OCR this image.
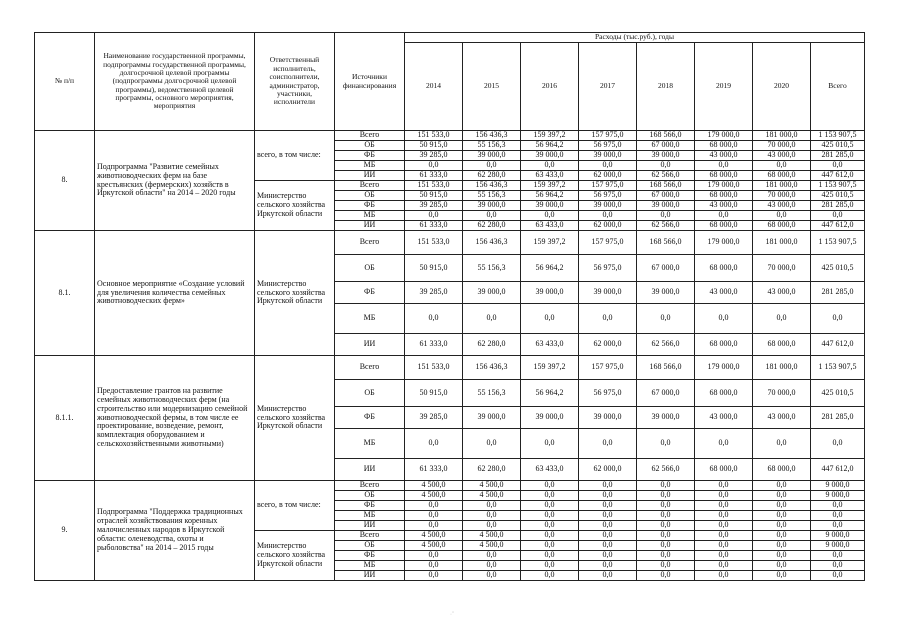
№ п/п	Наименование государственной программы, подпрограммы государственной программы, долгосрочной целевой программы (подпрограммы долгосрочной целевой программы), ведомственной целевой программы, основного мероприятия, мероприятия	Ответственный исполнитель, соисполнители, администратор, участники, исполнители	Источники финансирования	Расходы (тыс.руб.), годы							
				2014	2015	2016	2017	2018	2019	2020	Всего
8.	Подпрограмма "Развитие семейных животноводческих ферм на базе крестьянских (фермерских) хозяйств в Иркутской области" на 2014 – 2020 годы	всего, в том числе:	Всего	151 533,0	156 436,3	159 397,2	157 975,0	168 566,0	179 000,0	181 000,0	1 153 907,5
			ОБ	50 915,0	55 156,3	56 964,2	56 975,0	67 000,0	68 000,0	70 000,0	425 010,5
			ФБ	39 285,0	39 000,0	39 000,0	39 000,0	39 000,0	43 000,0	43 000,0	281 285,0
			МБ	0,0	0,0	0,0	0,0	0,0	0,0	0,0	0,0
			ИИ	61 333,0	62 280,0	63 433,0	62 000,0	62 566,0	68 000,0	68 000,0	447 612,0
		Министерство сельского хозяйства Иркутской области	Всего	151 533,0	156 436,3	159 397,2	157 975,0	168 566,0	179 000,0	181 000,0	1 153 907,5
			ОБ	50 915,0	55 156,3	56 964,2	56 975,0	67 000,0	68 000,0	70 000,0	425 010,5
			ФБ	39 285,0	39 000,0	39 000,0	39 000,0	39 000,0	43 000,0	43 000,0	281 285,0
			МБ	0,0	0,0	0,0	0,0	0,0	0,0	0,0	0,0
			ИИ	61 333,0	62 280,0	63 433,0	62 000,0	62 566,0	68 000,0	68 000,0	447 612,0
8.1.	Основное мероприятие «Создание условий для увеличения количества семейных животноводческих ферм»	Министерство сельского хозяйства Иркутской области	Всего	151 533,0	156 436,3	159 397,2	157 975,0	168 566,0	179 000,0	181 000,0	1 153 907,5
			ОБ	50 915,0	55 156,3	56 964,2	56 975,0	67 000,0	68 000,0	70 000,0	425 010,5
			ФБ	39 285,0	39 000,0	39 000,0	39 000,0	39 000,0	43 000,0	43 000,0	281 285,0
			МБ	0,0	0,0	0,0	0,0	0,0	0,0	0,0	0,0
			ИИ	61 333,0	62 280,0	63 433,0	62 000,0	62 566,0	68 000,0	68 000,0	447 612,0
8.1.1.	Предоставление грантов на развитие семейных животноводческих ферм (на строительство или модернизацию семейной животноводческой фермы, в том числе ее проектирование, возведение, ремонт, комплектация оборудованием и сельскохозяйственными животными)	Министерство сельского хозяйства Иркутской области	Всего	151 533,0	156 436,3	159 397,2	157 975,0	168 566,0	179 000,0	181 000,0	1 153 907,5
			ОБ	50 915,0	55 156,3	56 964,2	56 975,0	67 000,0	68 000,0	70 000,0	425 010,5
			ФБ	39 285,0	39 000,0	39 000,0	39 000,0	39 000,0	43 000,0	43 000,0	281 285,0
			МБ	0,0	0,0	0,0	0,0	0,0	0,0	0,0	0,0
			ИИ	61 333,0	62 280,0	63 433,0	62 000,0	62 566,0	68 000,0	68 000,0	447 612,0
9.	Подпрограмма "Поддержка традиционных отраслей хозяйствования коренных малочисленных народов в Иркутской области: оленеводства, охоты и рыболовства" на 2014 – 2015 годы	всего, в том числе:	Всего	4 500,0	4 500,0	0,0	0,0	0,0	0,0	0,0	9 000,0
			ОБ	4 500,0	4 500,0	0,0	0,0	0,0	0,0	0,0	9 000,0
			ФБ	0,0	0,0	0,0	0,0	0,0	0,0	0,0	0,0
			МБ	0,0	0,0	0,0	0,0	0,0	0,0	0,0	0,0
			ИИ	0,0	0,0	0,0	0,0	0,0	0,0	0,0	0,0
		Министерство сельского хозяйства Иркутской области	Всего	4 500,0	4 500,0	0,0	0,0	0,0	0,0	0,0	9 000,0
			ОБ	4 500,0	4 500,0	0,0	0,0	0,0	0,0	0,0	9 000,0
			ФБ	0,0	0,0	0,0	0,0	0,0	0,0	0,0	0,0
			МБ	0,0	0,0	0,0	0,0	0,0	0,0	0,0	0,0
			ИИ	0,0	0,0	0,0	0,0	0,0	0,0	0,0	0,0
·ˇ
